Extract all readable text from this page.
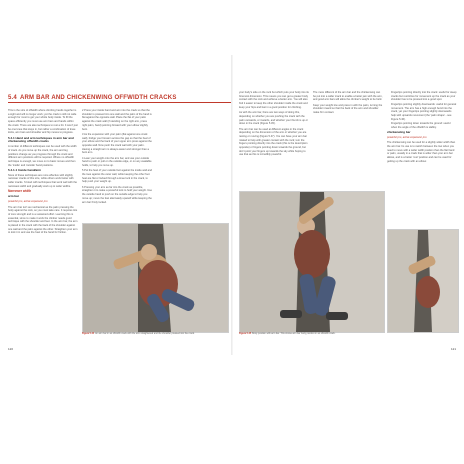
5.4 ARM BAR AND CHICKENWING OFFWIDTH CRACKS

This is the size of offwidth where climbing hands together is a sight and will no longer work; yet the crack is still not wide enough for most to get your whole body inside. To fill the space efficiently you must use arm bars and hands within the crack. There are also techniques to rest a bit. It won't just be one knee that stays in, but rather a combination of knee locks, arm bars and shoulder and hip moves to progress.

5.4.1 Hand and arm techniques in arm bar and chickenwing offwidth cracks

A number of different techniques can be used with the width of crack. As you move up the crack, the arm and leg positions change as you progress through the crack and different arm positions will be required. Where no offwidth technique is enough, we move on to basic moves and then the 'inside' and 'outside' hand positions.

5.4.1.1 Inside hand/arm

None of these techniques are more effective with slightly narrower cracks of this size, while others work better with wider cracks. I'd start with techniques that work well with the narrowest width and gradually work up to wider widths.

Narrower width
arm bar

powerful pro, active expansion pro

The arm bar isn't as mechanical as the palm pressing the body against the rock, so you must take care. It requires lots of core strength and is a sustained effort. Learning this is essential, since to make it work the climber needs good technique with the shoulder and feet. In the arm bar, the arm is placed in the crack with the back of the shoulder against one wall and the palm against the other. Straighten your arm to lock it in and use the heel of the hand for friction.

2 Press your inside hand and arm into the crack so that the shoulder is pressed into one wall and the palm of the hand is flat against the opposite wall. Place the flat of your palm against the crack wall (if standing on the right arm, press right palm, hand) pointing forward with your elbow slightly bent.

3 As the expansion with your palm (flat against one crack wall), bridge your forearm across the gap so that the heel of your elbow and the back of your upper arm press against the opposite wall. Now push the crack wall with your palm. Having a straight arm is always easier and stronger than a bent arm.

4 Lean your weight onto the arm bar, and use your outside hand to push or pull on the outside edge, or on any available holds, to help you move up.

5 Put the heel of your outside foot against the inside wall and the toes against the outer wall, while keeping the other foot heel-toe flat or locked through a knee lock in the crack, to help push your weight up.

6 Pressing your arm as far into the crack as possible, straighten it to make a powerful lock to hold your weight. Use the outside hand to push on the outside edge to help you move up; move the feet alternately upward while keeping the arm bar firmly locked.

Figure 5.44An arm bar in an offwidth crack with the arm straightened and the shoulder pressed into the crack.
120

your body's side on the rock but which puts your body into its foremost dimension. This means you can get a greater body contact with the rock and achieve a better arm. You will also find it easier to keep the other shoulder inside the crack and keep your hips and feet in a good position for climbing.

As with the arm bar, there are two ways of doing this, depending on whether you are pushing the crack with the palm outwards, or inwards, and whether your thumb is up or down in the crack (Figure 5.45).

The arm bar can be used at different angles in the crack depending on the dimension of the arm or whether you are resting or moving (Figure 5.47). You can have your arm bar rotated to help with greater contact with the rock; turn the fingers pointing directly into the crack (this is the description opposite) or fingers pointing down towards the ground, but don't point your fingers up towards the sky while hoping to use that as this is incredibly powerful.

The more different of the arm bar and the chickenwing can be put into a wider crack to enable a better jam with the arm, and good arm bars will allow the climber's weight to be held.

Keep your weight low and press in with the palm, turning the shoulder inward so that the back of the arm and shoulder make firm contact.

• Fingertips pointing directly into the crack: useful for steep cracks but restrictive for movement up the crack as your shoulder has to be pressed into a good spot.
• Fingertips pointing slightly downwards: useful for general movement. The arm has a high enough bend into the crack, yet your fingertips pointing slightly downwards help with upwards movement (the 'palm shape' - see Figure 5.46).
• Fingertips pointing down towards the ground: useful when the angle of the offwidth is slabby.
chickenwing bar

powerful pro, active expansion pro

The chickenwing can be used for a slightly wider width than the arm bar. Its use is to switch between the two when you need to move with a wider width position than the flat hand or palm, usually in a crack that is wider than your arm bar allows, and is a better ‘rest’ position and can be used for getting up the crack with an elbow.

Figure 5.45Body position with arm bar. This shows arm bar body position in an offwidth crack.
121
